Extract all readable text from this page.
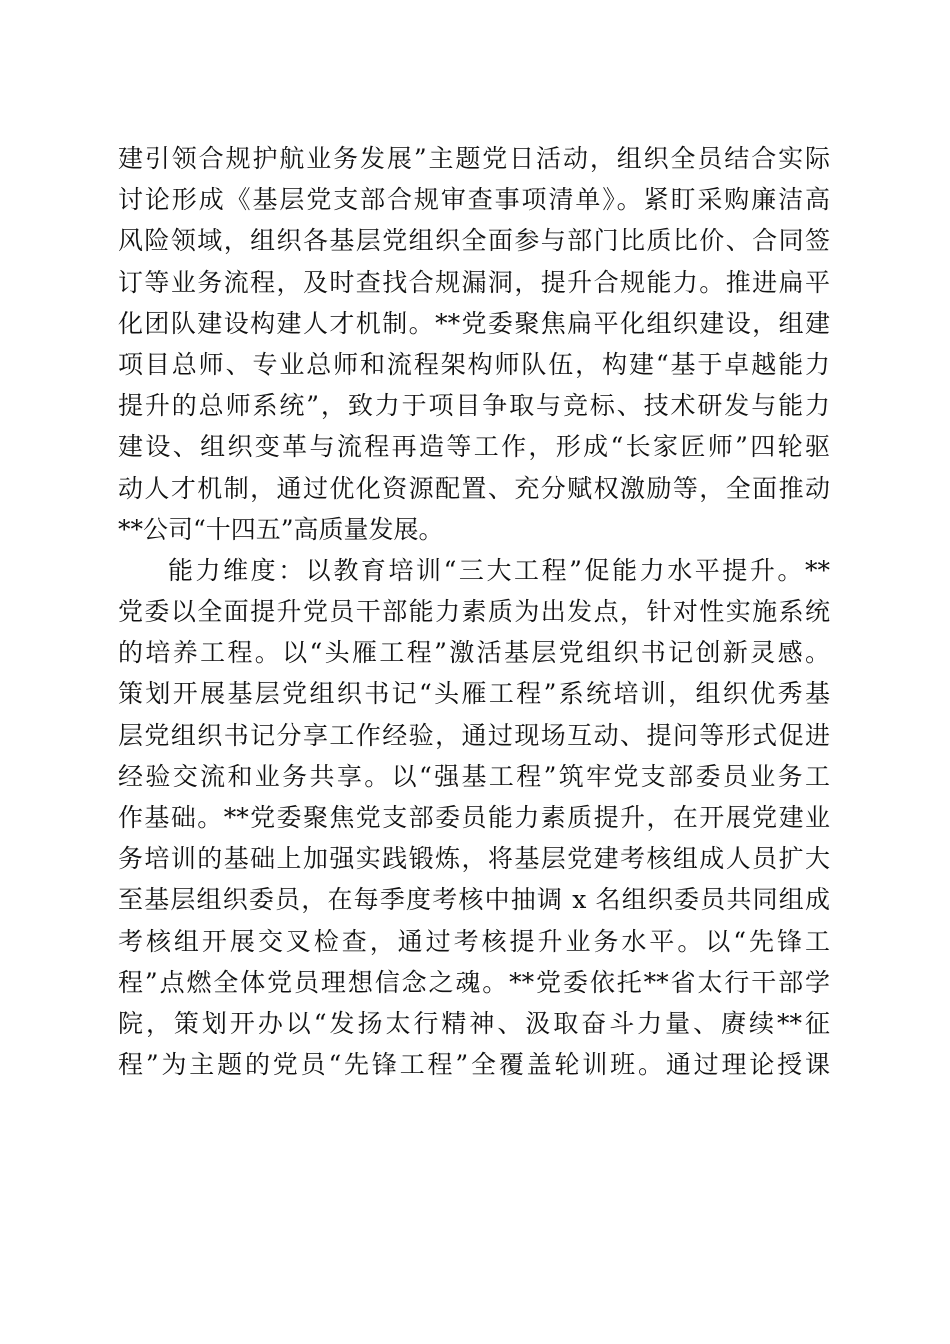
建引领合规护航业务发展”主题党日活动，组织全员结合实际
讨论形成《基层党支部合规审查事项清单》。紧盯采购廉洁高
风险领域，组织各基层党组织全面参与部门比质比价、合同签
订等业务流程，及时查找合规漏洞，提升合规能力。推进扁平
化团队建设构建人才机制。**党委聚焦扁平化组织建设，组建
项目总师、专业总师和流程架构师队伍，构建“基于卓越能力
提升的总师系统”，致力于项目争取与竞标、技术研发与能力
建设、组织变革与流程再造等工作，形成“长家匠师”四轮驱
动人才机制，通过优化资源配置、充分赋权激励等，全面推动
**公司“十四五”高质量发展。
能力维度：以教育培训“三大工程”促能力水平提升。**
党委以全面提升党员干部能力素质为出发点，针对性实施系统
的培养工程。以“头雁工程”激活基层党组织书记创新灵感。
策划开展基层党组织书记“头雁工程”系统培训，组织优秀基
层党组织书记分享工作经验，通过现场互动、提问等形式促进
经验交流和业务共享。以“强基工程”筑牢党支部委员业务工
作基础。**党委聚焦党支部委员能力素质提升，在开展党建业
务培训的基础上加强实践锻炼，将基层党建考核组成人员扩大
至基层组织委员，在每季度考核中抽调 x 名组织委员共同组成
考核组开展交叉检查，通过考核提升业务水平。以“先锋工
程”点燃全体党员理想信念之魂。**党委依托**省太行干部学
院，策划开办以“发扬太行精神、汲取奋斗力量、赓续**征
程”为主题的党员“先锋工程”全覆盖轮训班。通过理论授课
